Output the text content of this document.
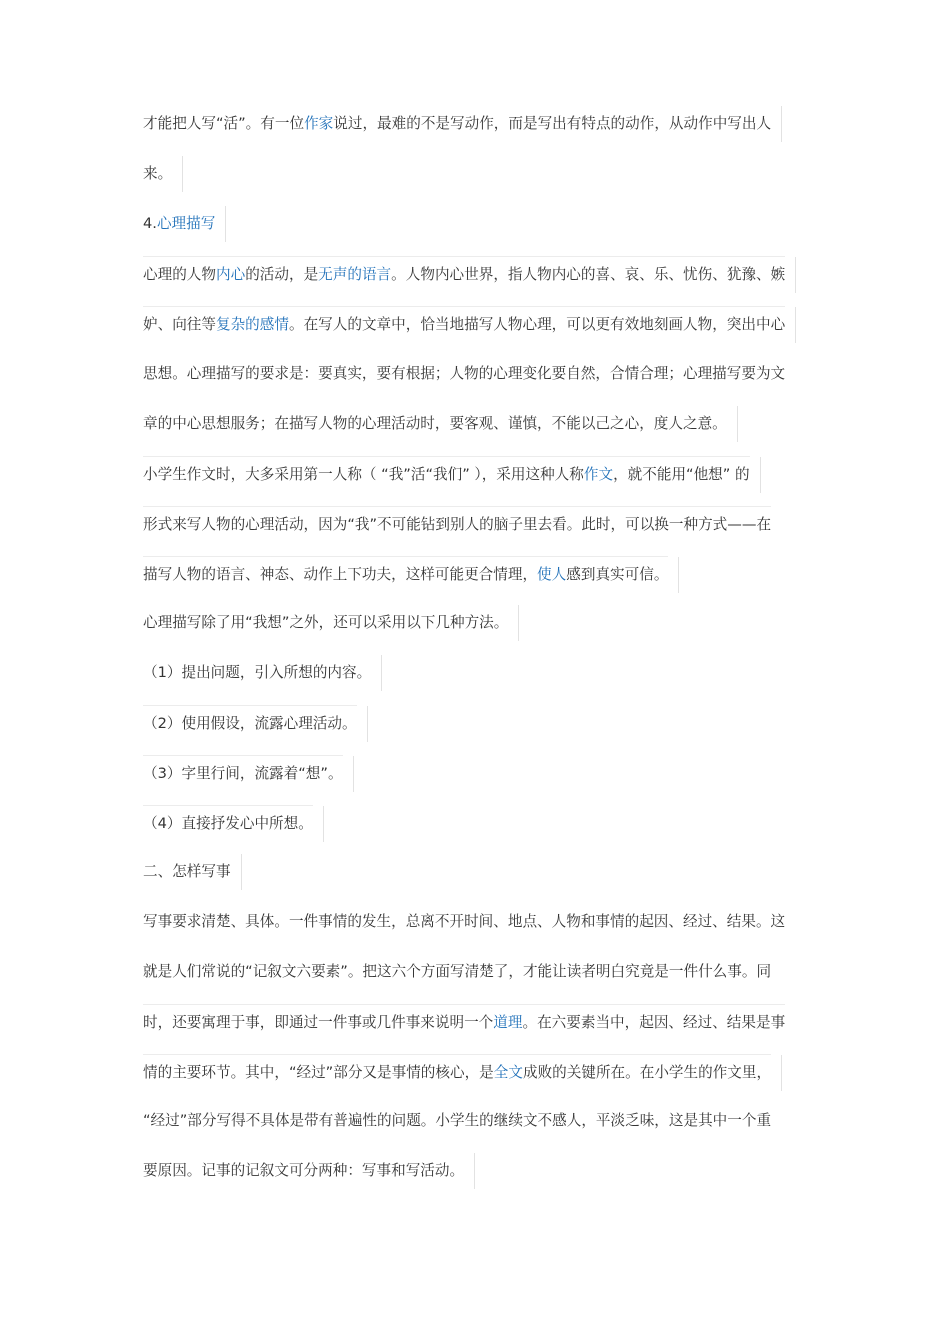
才能把人写“活”。有一位作家说过，最难的不是写动作，而是写出有特点的动作，从动作中写出人
来。
4.心理描写
心理的人物内心的活动，是无声的语言。人物内心世界，指人物内心的喜、哀、乐、忧伤、犹豫、嫉
妒、向往等复杂的感情。在写人的文章中，恰当地描写人物心理，可以更有效地刻画人物，突出中心
思想。心理描写的要求是：要真实，要有根据；人物的心理变化要自然，合情合理；心理描写要为文
章的中心思想服务；在描写人物的心理活动时，要客观、谨慎，不能以己之心，度人之意。
小学生作文时，大多采用第一人称（ “我”活“我们” ），采用这种人称作文，就不能用“他想” 的
形式来写人物的心理活动，因为“我”不可能钻到别人的脑子里去看。此时，可以换一种方式——在
描写人物的语言、神态、动作上下功夫，这样可能更合情理，使人感到真实可信。
心理描写除了用“我想”之外，还可以采用以下几种方法。
（1）提出问题，引入所想的内容。
（2）使用假设，流露心理活动。
（3）字里行间，流露着“想”。
（4）直接抒发心中所想。
二、怎样写事
写事要求清楚、具体。一件事情的发生，总离不开时间、地点、人物和事情的起因、经过、结果。这
就是人们常说的“记叙文六要素”。把这六个方面写清楚了，才能让读者明白究竟是一件什么事。同
时，还要寓理于事，即通过一件事或几件事来说明一个道理。在六要素当中，起因、经过、结果是事
情的主要环节。其中，“经过”部分又是事情的核心，是全文成败的关键所在。在小学生的作文里，
“经过”部分写得不具体是带有普遍性的问题。小学生的继续文不感人，平淡乏味，这是其中一个重
要原因。记事的记叙文可分两种：写事和写活动。
